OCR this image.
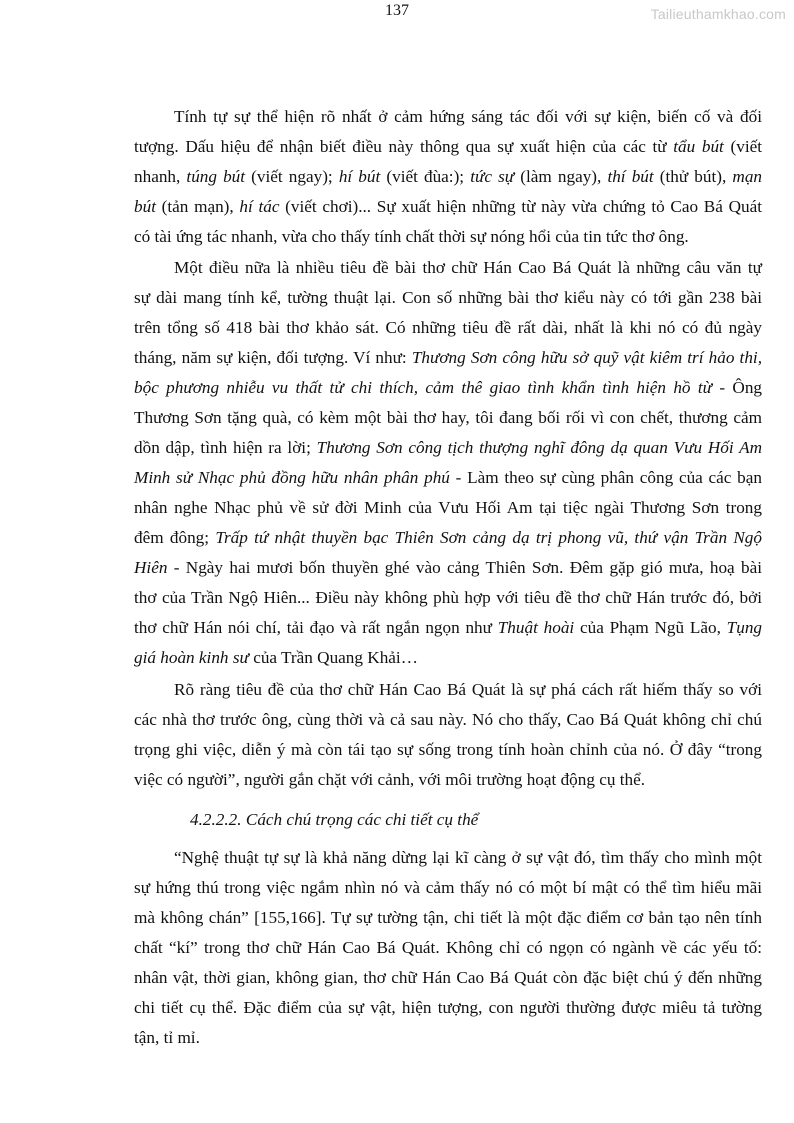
137	Tailieuthamkhao.com
Tính tự sự thể hiện rõ nhất ở cảm hứng sáng tác đối với sự kiện, biến cố và đối
tượng. Dấu hiệu để nhận biết điều này thông qua sự xuất hiện của các từ tẩu bút (viết
nhanh, túng bút (viết ngay); hí bút (viết đùa:); tức sự (làm ngay), thí bút (thử bút), mạn
bút (tản mạn), hí tác (viết chơi)... Sự xuất hiện những từ này vừa chứng tỏ Cao Bá Quát
có tài ứng tác nhanh, vừa cho thấy tính chất thời sự nóng hổi của tin tức thơ ông.
Một điều nữa là nhiều tiêu đề bài thơ chữ Hán Cao Bá Quát là những câu văn tự
sự dài mang tính kể, tường thuật lại. Con số những bài thơ kiểu này có tới gần 238 bài
trên tổng số 418 bài thơ khảo sát. Có những tiêu đề rất dài, nhất là khi nó có đủ ngày
tháng, năm sự kiện, đối tượng. Ví như: Thương Sơn công hữu sở quỹ vật kiêm trí hảo thi,
bộc phương nhiễu vu thất tử chi thích, cảm thê giao tình khẩn tình hiện hồ từ - Ông
Thương Sơn tặng quà, có kèm một bài thơ hay, tôi đang bối rối vì con chết, thương cảm
dồn dập, tình hiện ra lời; Thương Sơn công tịch thượng nghĩ đông dạ quan Vưu Hối Am
Minh sử Nhạc phủ đồng hữu nhân phân phú - Làm theo sự cùng phân công của các bạn
nhân nghe Nhạc phủ về sử đời Minh của Vưu Hối Am tại tiệc ngài Thương Sơn trong
đêm đông; Trấp tứ nhật thuyền bạc Thiên Sơn cảng dạ trị phong vũ, thứ vận Trần Ngộ
Hiên - Ngày hai mươi bốn thuyền ghé vào cảng Thiên Sơn. Đêm gặp gió mưa, hoạ bài
thơ của Trần Ngộ Hiên... Điều này không phù hợp với tiêu đề thơ chữ Hán trước đó, bởi
thơ chữ Hán nói chí, tải đạo và rất ngắn ngọn như Thuật hoài của Phạm Ngũ Lão, Tụng
giá hoàn kinh sư của Trần Quang Khải…
Rõ ràng tiêu đề của thơ chữ Hán Cao Bá Quát là sự phá cách rất hiếm thấy so với
các nhà thơ trước ông, cùng thời và cả sau này. Nó cho thấy, Cao Bá Quát không chỉ chú
trọng ghi việc, diễn ý mà còn tái tạo sự sống trong tính hoàn chỉnh của nó. Ở đây “trong
việc có người”, người gắn chặt với cảnh, với môi trường hoạt động cụ thể.
4.2.2.2. Cách chú trọng các chi tiết cụ thể
“Nghệ thuật tự sự là khả năng dừng lại kĩ càng ở sự vật đó, tìm thấy cho mình một
sự hứng thú trong việc ngắm nhìn nó và cảm thấy nó có một bí mật có thể tìm hiểu mãi
mà không chán” [155,166]. Tự sự tường tận, chi tiết là một đặc điểm cơ bản tạo nên tính
chất “kí” trong thơ chữ Hán Cao Bá Quát. Không chỉ có ngọn có ngành về các yếu tố:
nhân vật, thời gian, không gian, thơ chữ Hán Cao Bá Quát còn đặc biệt chú ý đến những
chi tiết cụ thể. Đặc điểm của sự vật, hiện tượng, con người thường được miêu tả tường
tận, tỉ mỉ.
